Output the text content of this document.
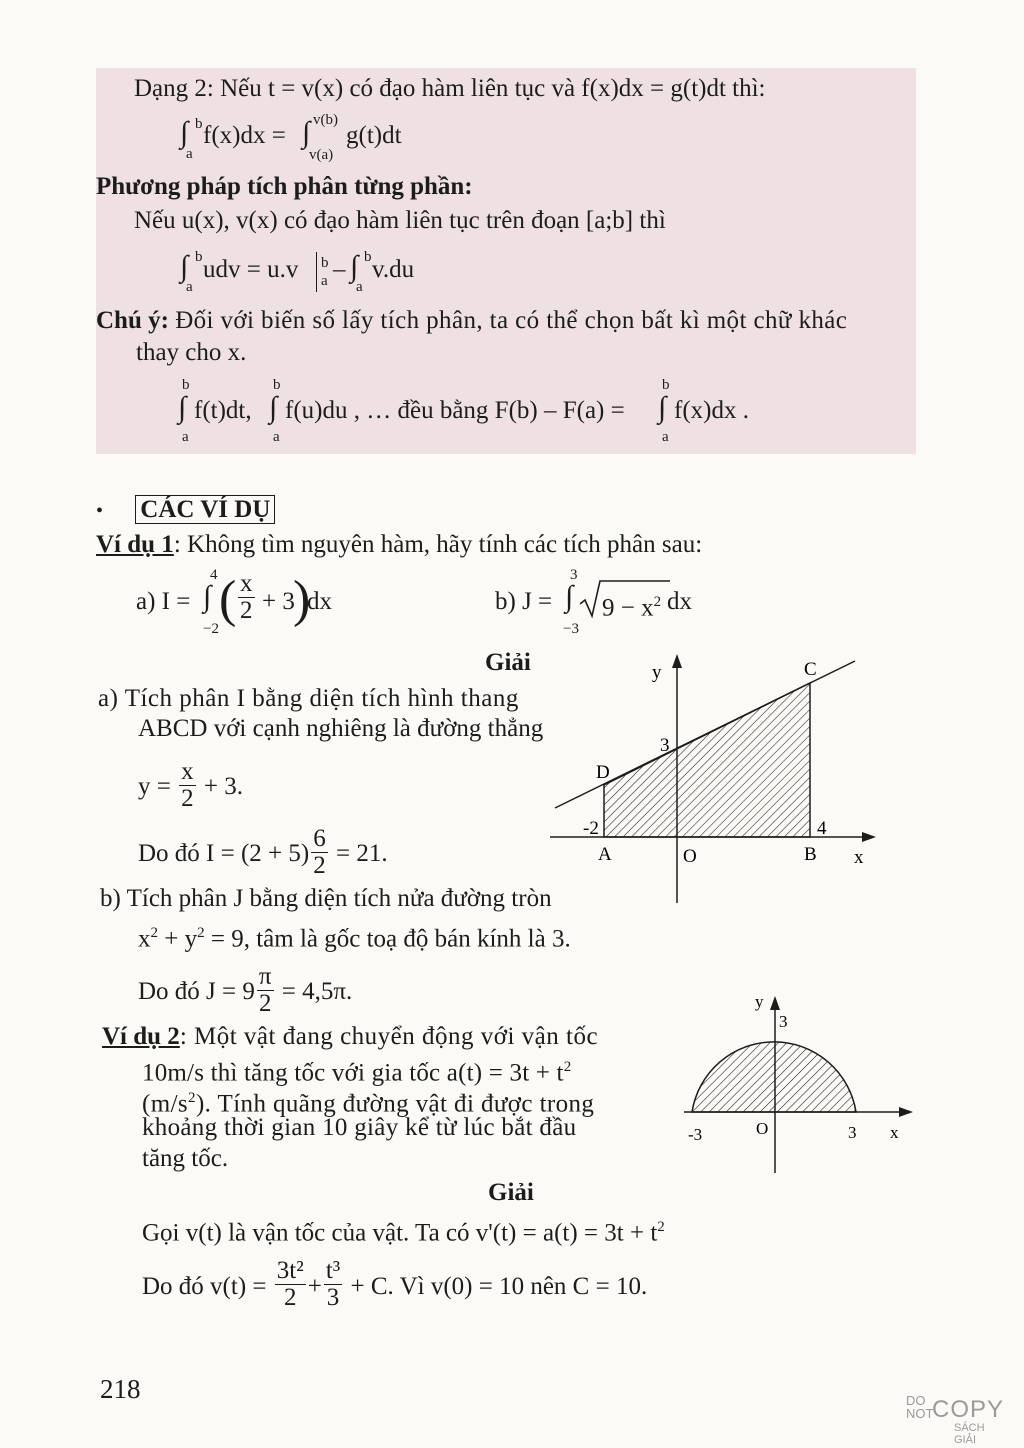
Dạng 2: Nếu t = v(x) có đạo hàm liên tục và f(x)dx = g(t)dt thì:
∫ b
a
f(x)dx = ∫ v(b)
v(a)
g(t)dt
Phương pháp tích phân từng phần:
Nếu u(x), v(x) có đạo hàm liên tục trên đoạn [a;b] thì
∫ b
a
udv = u.v b
a – ∫ b
a
v.du
Chú ý: Đối với biến số lấy tích phân, ta có thể chọn bất kì một chữ khác
thay cho x.
b
∫
a
f(t)dt,
b
∫
a
f(u)du , … đều bằng F(b) – F(a) =
b
∫
a
f(x)dx .
• CÁC VÍ DỤ
Ví dụ 1: Không tìm nguyên hàm, hãy tính các tích phân sau:
a) I =
4
∫
−2
( $\frac{x}{2} + 3$
)
dx	b) J =
3
∫
−3
$9 - x^2$ dx
Giải
a) Tích phân I bằng diện tích hình thang
ABCD với cạnh nghiêng là đường thẳng
$y = \frac{x}{2} + 3$.
Do đó $I = (2 + 5) \frac{6}{2} = 21$.
b) Tích phân J bằng diện tích nửa đường tròn
$x^2 + y^2 = 9$, tâm là gốc toạ độ bán kính là 3.
Do đó $J = 9 \frac{\pi}{2} = 4,5\pi$.
y
x
C
D
3
-2	4
A	O	B
y
x
3
-3	O	3
Ví dụ 2: Một vật đang chuyển động với vận tốc
10m/s thì tăng tốc với gia tốc $a(t) = 3t + t^2$
$(m/s^2)$. Tính quãng đường vật đi được trong
khoảng thời gian 10 giây kể từ lúc bắt đầu
tăng tốc.
Giải
Gọi v(t) là vận tốc của vật. Ta có $v'(t) = a(t) = 3t + t^2$
Do đó $v(t) = \frac{\text{3t²}}{2} + \frac{\text{t³}}{3} + C$. Vì v(0) = 10 nên C = 10.
218	DO
NOT
COPY
SÁCH GIẢI
